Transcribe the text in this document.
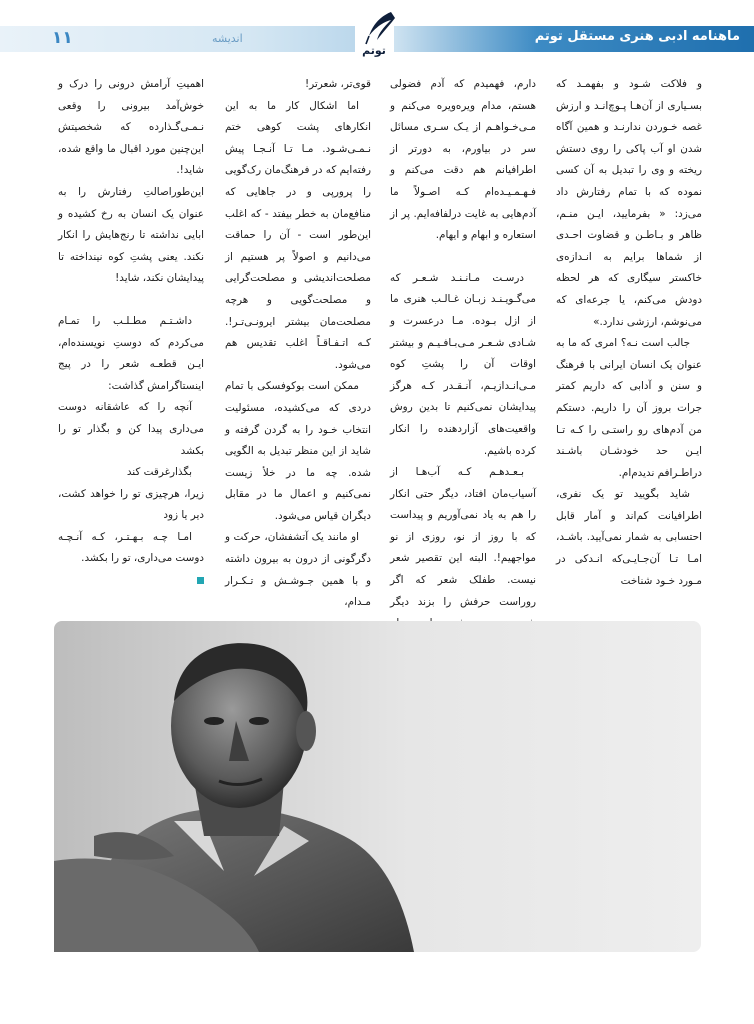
ماهنامه ادبی هنری مستقل توتم
اندیشه
۱۱
توتم

و فلاکت شـود و بفهمـد که بسـیاری از آن‌هـا پـوچ‌انـد و ارزش غصه خـوردن ندارنـد و همین آگاه شدن او آب پاکی را روی دستش ریخته و وی را تبدیل به آن کسی نموده که با تمام رفتارش داد می‌زد: « بفرمایید، ایـن منـم، ظاهر و بـاطـن و قضاوت احـدی از شماها برایم به انـدازه‌ی خاکستر سیگاری که هر لحظه دودش می‌کنم، یا جرعه‌ای که می‌نوشم، ارزشی ندارد.»

جالب است نـه؟ امری که ما به عنوان یک انسان ایرانی با فرهنگ و سنن و آدابی که داریم کمتر جرات بروز آن را داریم. دستکم من آدم‌های رو راستـی را کـه تـا ایـن حد خودشـان باشـند دراطـرافم ندیدم‌ام.

شاید بگویید تو یک نفری، اطرافیانت کم‌اند و آمار قابل احتسابی به شمار نمی‌آیید. باشـد، امـا تـا آن‌جـایـی‌که انـدکی در مـورد خـود شناخت

دارم، فهمیدم که آدم فضولی هستم، مدام ویره‌ویره می‌کنم و مـی‌خـواهـم از یـک سـری مسائل سر در بیاورم، به دورتر از اطرافیانم هم دقت می‌کنم و فـهـمـیـده‌ام کـه اصـولاً ما آدم‌هایی به غایت درلفافه‌ایم. پر از استعاره و ابهام و ایهام.

درسـت مـانـنـد شـعـر که می‌گـویـنـد زبـان غـالـب هنری ما از ازل بـوده. مـا درعسرت و شـادی شـعـر مـی‌بـافـیـم و بیشتر اوقات آن را پشتِ کوه مـی‌انـدازیـم، آنـقـدر کـه هرگز پیدایشان نمی‌کنیم تا بدین روش واقعیت‌های آزاردهنده را انکار کرده باشیم.

بـعـدهـم کـه آب‌هـا از آسیاب‌مان افتاد، دیگر حتی انکار را هم به یاد نمی‌آوریم و پیداست که با روز از نو، روزی از نو مواجهیم!. البته این تقصیر شعر نیست. طفلک شعر که اگر روراست حرفش را بزند دیگر

قوی‌تر، شعرتر!

اما اشکال کار ما به این انکارهای پشت کوهی ختم نـمـی‌شـود. مـا تـا آنـجـا پیش رفته‌ایم که در فرهنگ‌مان رک‌گویی را پرورپی و در جاهایی که منافع‌مان به خطر بیفتد - که اغلب این‌طور است - آن را حماقت می‌دانیم و اصولاً پر هستیم از مصلحت‌اندیشی و مصلحت‌گرایی و مصلحت‌گویی و هرچه مصلحت‌مان بیشتر ایرونـی‌تـر!. کـه اتـفـاقـاً اغلب تقدیس هم می‌شود.

ممکن است بوکوفسکی با تمام دردی که می‌کشیده، مسئولیت انتخاب خـود را به گردن گرفته و شاید از این منظر تبدیل به الگویی شده. چه ما در خلأ زیست نمی‌کنیم و اعمال ما در مقابل دیگران قیاس می‌شود.

او مانند یک آتشفشان، حرکت و دگرگونی از درون به بیرون داشته و با همین جـوشـش و تـکـرار مـدام،

اهمیتِ آرامش درونی را درک و خوش‌آمد بیرونی را وقعی نـمـی‌گـذارده که شخصیتش این‌چنین مورد اقبال ما واقع شده، شاید!.

این‌طوراصالتِ رفتارش را به عنوان یک انسان به رخ کشیده و ابایی نداشته تا رنج‌هایش را انکار نکند. یعنی پشتِ کوه نینداخته تا پیدایشان نکند، شاید!

داشـتـم مطـلـب را تمـام می‌کردم که دوستِ نویسنده‌ام، ایـن قطعـه شعر را در پیج اینستاگرامش گذاشت:

آنچه را که عاشقانه دوست می‌داری پیدا کن و بگذار تو را بکشد

بگذارغرقت کند

زیرا، هرچیزی تو را خواهد کشت، دیر یا زود

امـا چـه بـهـتـر، کـه آنـچـه دوست می‌داری، تو را بکشد.
